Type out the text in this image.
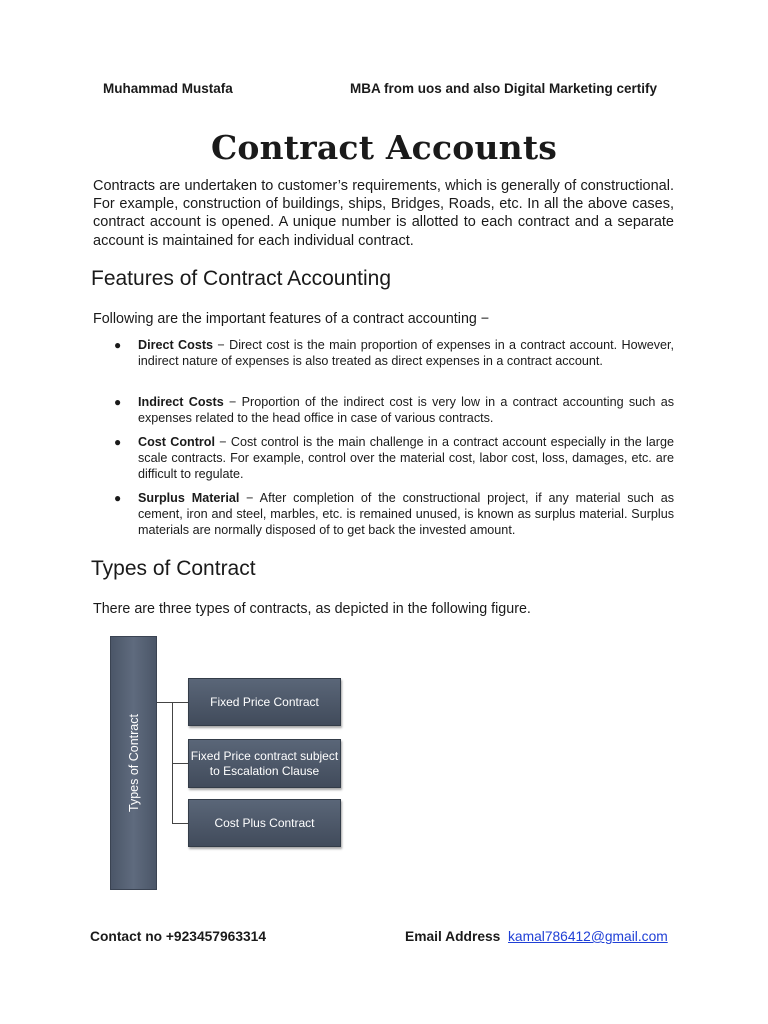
Muhammad Mustafa	MBA from uos and also Digital Marketing certify
Contract Accounts
Contracts are undertaken to customer’s requirements, which is generally of constructional. For example, construction of buildings, ships, Bridges, Roads, etc. In all the above cases, contract account is opened. A unique number is allotted to each contract and a separate account is maintained for each individual contract.
Features of Contract Accounting
Following are the important features of a contract accounting −
● Direct Costs − Direct cost is the main proportion of expenses in a contract account. However, indirect nature of expenses is also treated as direct expenses in a contract account.
● Indirect Costs − Proportion of the indirect cost is very low in a contract accounting such as expenses related to the head office in case of various contracts.
● Cost Control − Cost control is the main challenge in a contract account especially in the large scale contracts. For example, control over the material cost, labor cost, loss, damages, etc. are difficult to regulate.
● Surplus Material − After completion of the constructional project, if any material such as cement, iron and steel, marbles, etc. is remained unused, is known as surplus material. Surplus materials are normally disposed of to get back the invested amount.
Types of Contract
There are three types of contracts, as depicted in the following figure.
Types of Contract
Fixed Price Contract
Fixed Price contract subject to Escalation Clause
Cost Plus Contract
Contact no +923457963314	Email Address kamal786412@gmail.com
